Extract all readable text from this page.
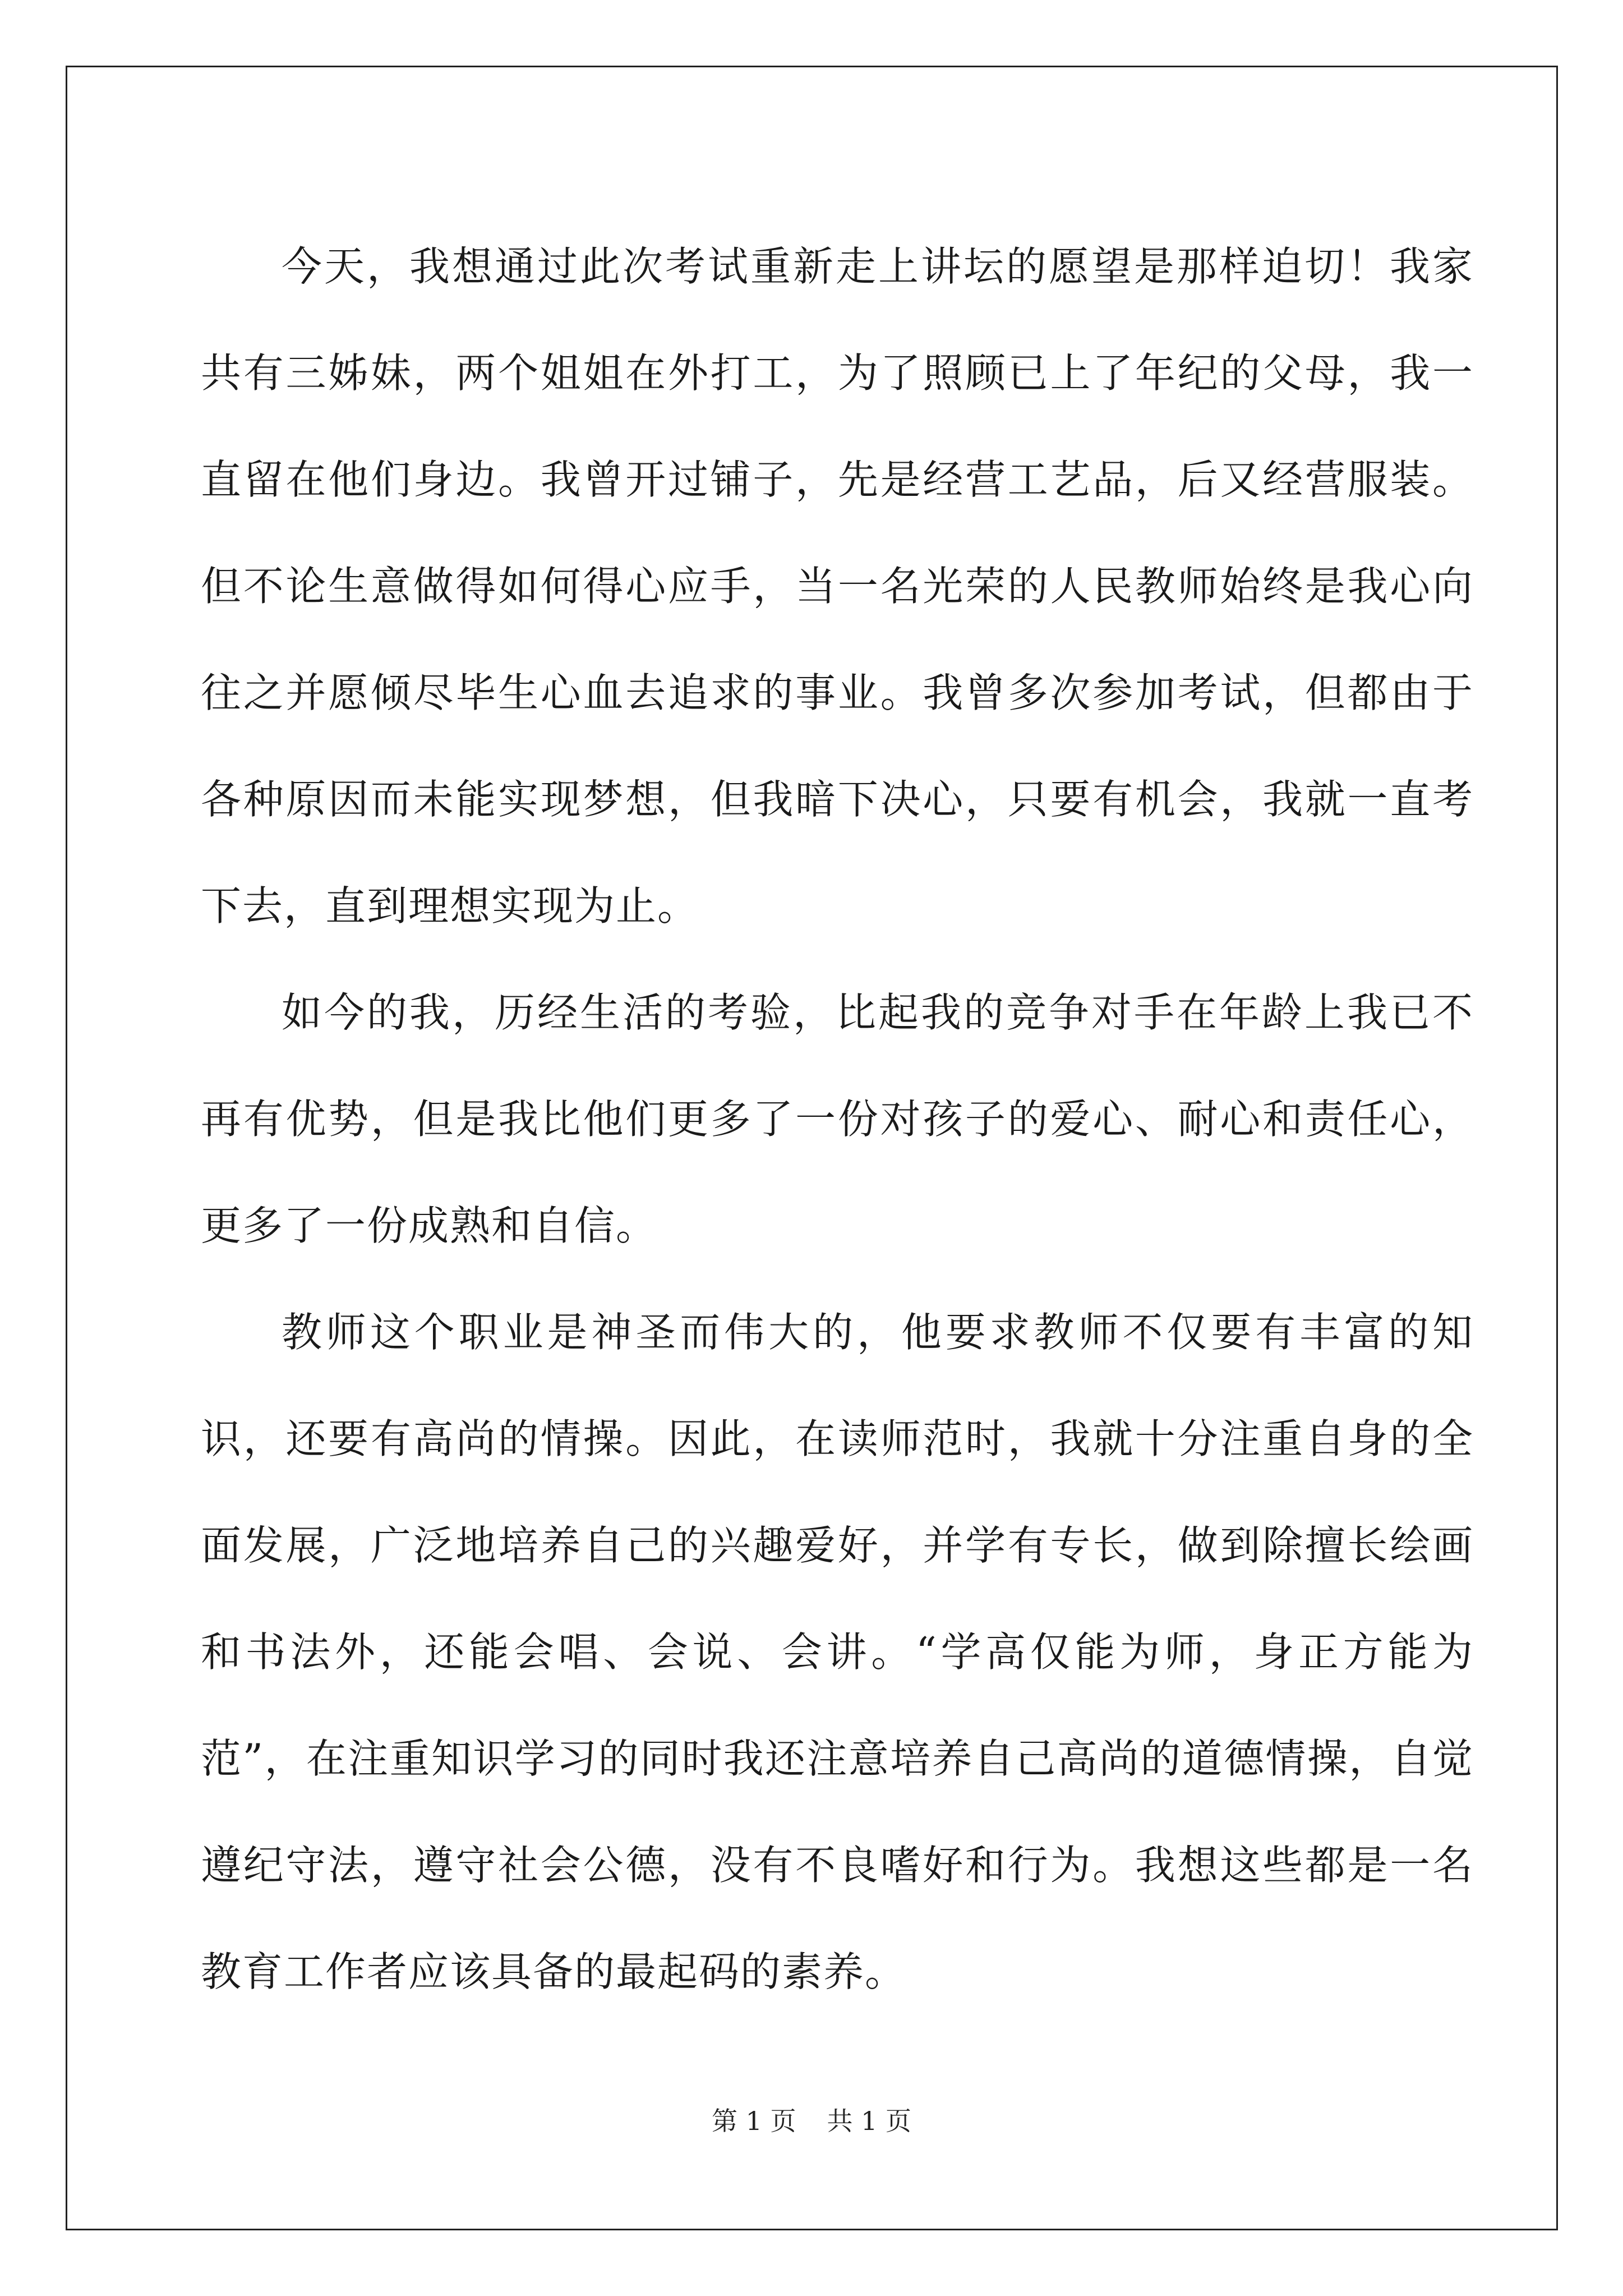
今天，我想通过此次考试重新走上讲坛的愿望是那样迫切！我家共有三姊妹，两个姐姐在外打工，为了照顾已上了年纪的父母，我一直留在他们身边。我曾开过铺子，先是经营工艺品，后又经营服装。但不论生意做得如何得心应手，当一名光荣的人民教师始终是我心向往之并愿倾尽毕生心血去追求的事业。我曾多次参加考试，但都由于各种原因而未能实现梦想，但我暗下决心，只要有机会，我就一直考下去，直到理想实现为止。

如今的我，历经生活的考验，比起我的竞争对手在年龄上我已不再有优势，但是我比他们更多了一份对孩子的爱心、耐心和责任心，更多了一份成熟和自信。

教师这个职业是神圣而伟大的，他要求教师不仅要有丰富的知识，还要有高尚的情操。因此，在读师范时，我就十分注重自身的全面发展，广泛地培养自己的兴趣爱好，并学有专长，做到除擅长绘画和书法外，还能会唱、会说、会讲。“学高仅能为师，身正方能为范”，在注重知识学习的同时我还注意培养自己高尚的道德情操，自觉遵纪守法，遵守社会公德，没有不良嗜好和行为。我想这些都是一名教育工作者应该具备的最起码的素养。

第 1 页 共 1 页
